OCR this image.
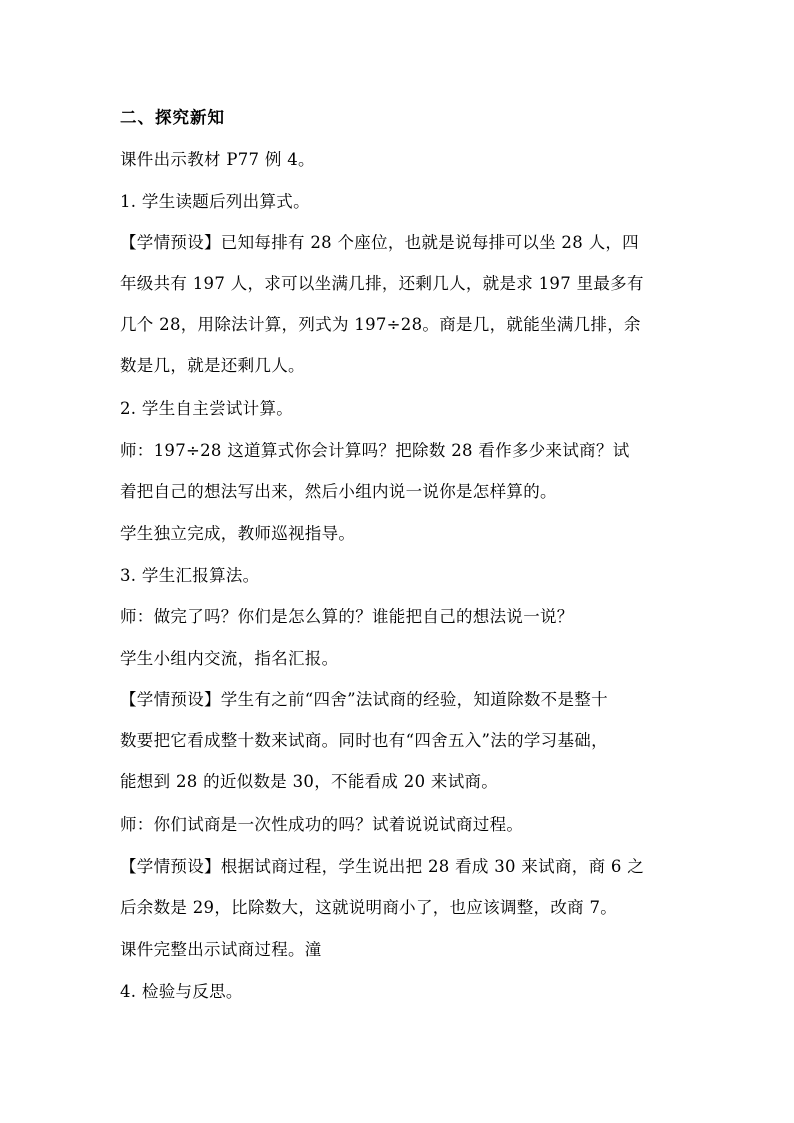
二、探究新知
课件出示教材 P77 例 4。
1. 学生读题后列出算式。
【学情预设】已知每排有 28 个座位，也就是说每排可以坐 28 人，四
年级共有 197 人，求可以坐满几排，还剩几人，就是求 197 里最多有
几个 28，用除法计算，列式为 197÷28。商是几，就能坐满几排，余
数是几，就是还剩几人。
2. 学生自主尝试计算。
师：197÷28 这道算式你会计算吗？把除数 28 看作多少来试商？试
着把自己的想法写出来，然后小组内说一说你是怎样算的。
学生独立完成，教师巡视指导。
3. 学生汇报算法。
师：做完了吗？你们是怎么算的？谁能把自己的想法说一说？
学生小组内交流，指名汇报。
【学情预设】学生有之前“四舍”法试商的经验，知道除数不是整十
数要把它看成整十数来试商。同时也有“四舍五入”法的学习基础，
能想到 28 的近似数是 30，不能看成 20 来试商。
师：你们试商是一次性成功的吗？试着说说试商过程。
【学情预设】根据试商过程，学生说出把 28 看成 30 来试商，商 6 之
后余数是 29，比除数大，这就说明商小了，也应该调整，改商 7。
课件完整出示试商过程。潼
4. 检验与反思。
